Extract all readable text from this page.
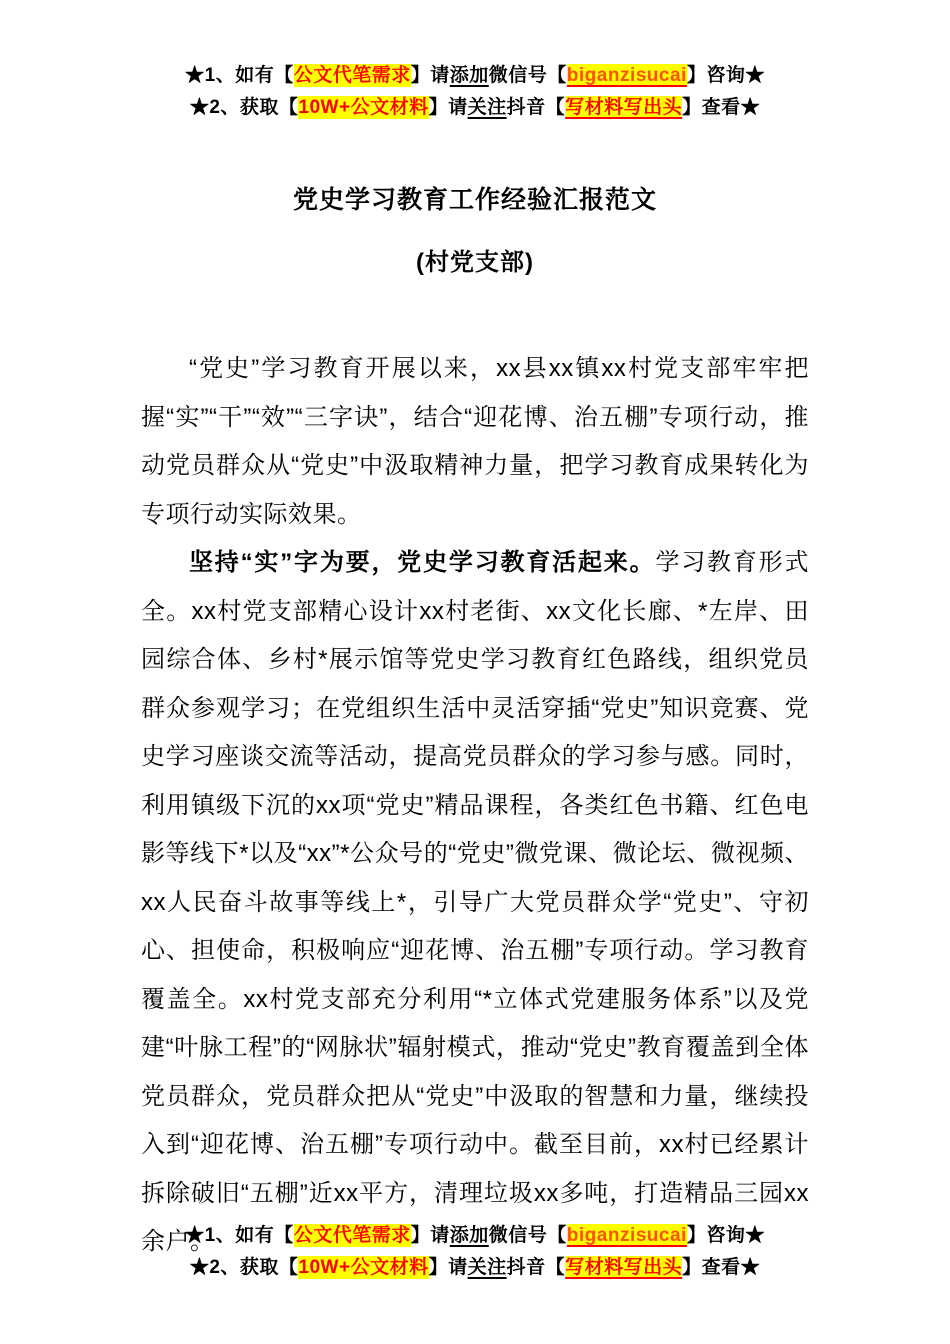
★1、如有【公文代笔需求】请添加微信号【biganzisucai】咨询★

★2、获取【10W+公文材料】请关注抖音【写材料写出头】查看★

党史学习教育工作经验汇报范文
(村党支部)

“党史”学习教育开展以来，xx县xx镇xx村党支部牢牢把握“实”“干”“效”“三字诀”，结合“迎花博、治五棚”专项行动，推动党员群众从“党史”中汲取精神力量，把学习教育成果转化为专项行动实际效果。

坚持“实”字为要，党史学习教育活起来。学习教育形式全。xx村党支部精心设计xx村老街、xx文化长廊、*左岸、田园综合体、乡村*展示馆等党史学习教育红色路线，组织党员群众参观学习；在党组织生活中灵活穿插“党史”知识竞赛、党史学习座谈交流等活动，提高党员群众的学习参与感。同时，利用镇级下沉的xx项“党史”精品课程，各类红色书籍、红色电影等线下*以及“xx”*公众号的“党史”微党课、微论坛、微视频、xx人民奋斗故事等线上*，引导广大党员群众学“党史”、守初心、担使命，积极响应“迎花博、治五棚”专项行动。学习教育覆盖全。xx村党支部充分利用“*立体式党建服务体系”以及党建“叶脉工程”的“网脉状”辐射模式，推动“党史”教育覆盖到全体党员群众，党员群众把从“党史”中汲取的智慧和力量，继续投入到“迎花博、治五棚”专项行动中。截至目前，xx村已经累计拆除破旧“五棚”近xx平方，清理垃圾xx多吨，打造精品三园xx余户。

★1、如有【公文代笔需求】请添加微信号【biganzisucai】咨询★

★2、获取【10W+公文材料】请关注抖音【写材料写出头】查看★
